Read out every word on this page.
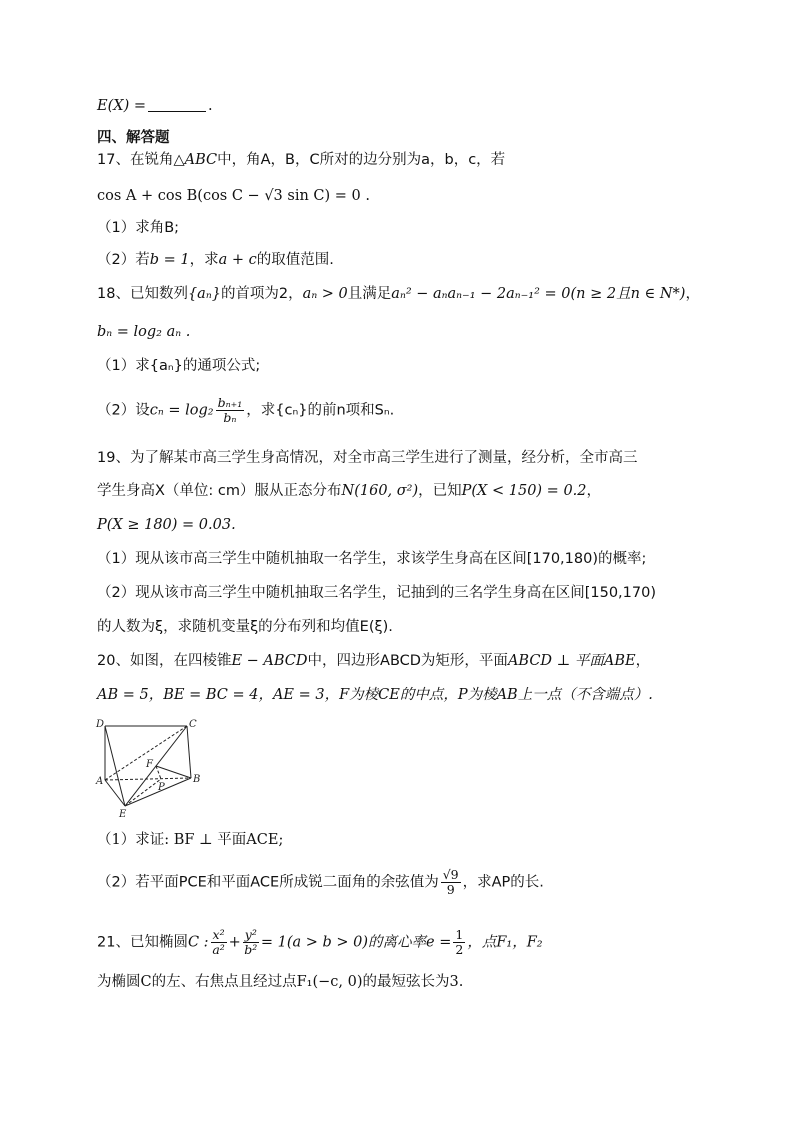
E(X) =	.
四、解答题
17、在锐角△ABC中，角A，B，C所对的边分别为a，b，c，若
cos A + cos B(cos C − √3 sin C) = 0 .
（1）求角B;
（2）若b = 1，求a + c的取值范围.
18、已知数列{aₙ}的首项为2，aₙ > 0且满足aₙ² − aₙaₙ₋₁ − 2aₙ₋₁² = 0(n ≥ 2且n ∈ N*)，
bₙ = log₂ aₙ .
（1）求{aₙ}的通项公式;
（2）设$c_n = \log_2 \frac{\text{bₙ₊₁}}{\text{bₙ}}$ ，求{cₙ}的前n项和Sₙ.
19、为了解某市高三学生身高情况，对全市高三学生进行了测量，经分析，全市高三
学生身高X（单位: cm）服从正态分布N(160, σ²)，已知P(X < 150) = 0.2，
P(X ≥ 180) = 0.03.
（1）现从该市高三学生中随机抽取一名学生，求该学生身高在区间[170,180)的概率;
（2）现从该市高三学生中随机抽取三名学生，记抽到的三名学生身高在区间[150,170)
的人数为ξ，求随机变量ξ的分布列和均值E(ξ).
20、如图，在四棱锥E − ABCD中，四边形ABCD为矩形，平面ABCD ⊥ 平面ABE，
AB = 5，BE = BC = 4，AE = 3，F为棱CE的中点，P为棱AB上一点（不含端点）.
D	C
A	B
E
F
P
（1）求证: BF ⊥ 平面ACE;
（2）若平面PCE和平面ACE所成锐二面角的余弦值为 $\frac{√9}{9}$ ，求AP的长.
21、已知椭圆C : $\frac{\text{x²}}{\text{a²}} + \frac{\text{y²}}{\text{b²}} = 1(a > b > 0)$的离心率$e = \frac{1}{2}$ ，点F₁，F₂
为椭圆C的左、右焦点且经过点F₁(−c, 0)的最短弦长为3.
